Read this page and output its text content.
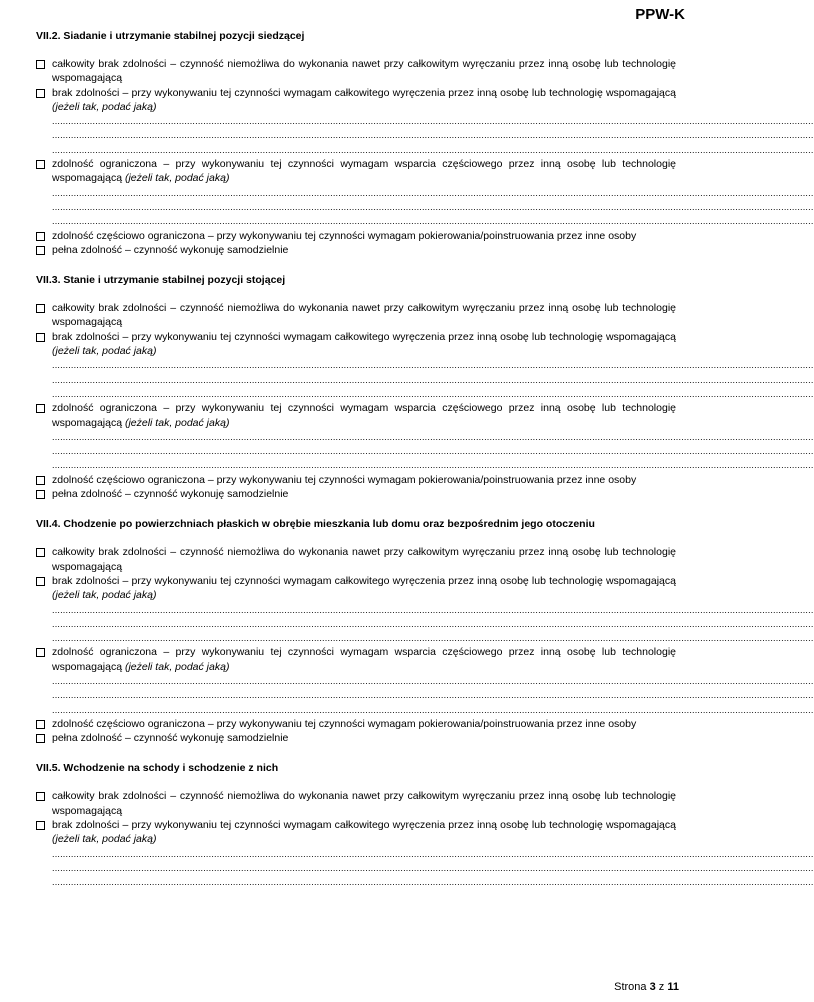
PPW-K
VII.2. Siadanie i utrzymanie stabilnej pozycji siedzącej
całkowity brak zdolności – czynność niemożliwa do wykonania nawet przy całkowitym wyręczaniu przez inną osobę lub technologię wspomagającą
brak zdolności – przy wykonywaniu tej czynności wymagam całkowitego wyręczenia przez inną osobę lub technologię wspomagającą (jeżeli tak, podać jaką)
..........................................................................................................................................................................................................................................................................................
..........................................................................................................................................................................................................................................................................................
..........................................................................................................................................................................................................................................................................................
zdolność ograniczona – przy wykonywaniu tej czynności wymagam wsparcia częściowego przez inną osobę lub technologię wspomagającą (jeżeli tak, podać jaką)
..........................................................................................................................................................................................................................................................................................
..........................................................................................................................................................................................................................................................................................
..........................................................................................................................................................................................................................................................................................
zdolność częściowo ograniczona – przy wykonywaniu tej czynności wymagam pokierowania/poinstruowania przez inne osoby
pełna zdolność – czynność wykonuję samodzielnie
VII.3. Stanie i utrzymanie stabilnej pozycji stojącej
całkowity brak zdolności – czynność niemożliwa do wykonania nawet przy całkowitym wyręczaniu przez inną osobę lub technologię wspomagającą
brak zdolności – przy wykonywaniu tej czynności wymagam całkowitego wyręczenia przez inną osobę lub technologię wspomagającą (jeżeli tak, podać jaką)
..........................................................................................................................................................................................................................................................................................
..........................................................................................................................................................................................................................................................................................
..........................................................................................................................................................................................................................................................................................
zdolność ograniczona – przy wykonywaniu tej czynności wymagam wsparcia częściowego przez inną osobę lub technologię wspomagającą (jeżeli tak, podać jaką)
..........................................................................................................................................................................................................................................................................................
..........................................................................................................................................................................................................................................................................................
..........................................................................................................................................................................................................................................................................................
zdolność częściowo ograniczona – przy wykonywaniu tej czynności wymagam pokierowania/poinstruowania przez inne osoby
pełna zdolność – czynność wykonuję samodzielnie
VII.4. Chodzenie po powierzchniach płaskich w obrębie mieszkania lub domu oraz bezpośrednim jego otoczeniu
całkowity brak zdolności – czynność niemożliwa do wykonania nawet przy całkowitym wyręczaniu przez inną osobę lub technologię wspomagającą
brak zdolności – przy wykonywaniu tej czynności wymagam całkowitego wyręczenia przez inną osobę lub technologię wspomagającą (jeżeli tak, podać jaką)
..........................................................................................................................................................................................................................................................................................
..........................................................................................................................................................................................................................................................................................
..........................................................................................................................................................................................................................................................................................
zdolność ograniczona – przy wykonywaniu tej czynności wymagam wsparcia częściowego przez inną osobę lub technologię wspomagającą (jeżeli tak, podać jaką)
..........................................................................................................................................................................................................................................................................................
..........................................................................................................................................................................................................................................................................................
..........................................................................................................................................................................................................................................................................................
zdolność częściowo ograniczona – przy wykonywaniu tej czynności wymagam pokierowania/poinstruowania przez inne osoby
pełna zdolność – czynność wykonuję samodzielnie
VII.5. Wchodzenie na schody i schodzenie z nich
całkowity brak zdolności – czynność niemożliwa do wykonania nawet przy całkowitym wyręczaniu przez inną osobę lub technologię wspomagającą
brak zdolności – przy wykonywaniu tej czynności wymagam całkowitego wyręczenia przez inną osobę lub technologię wspomagającą (jeżeli tak, podać jaką)
..........................................................................................................................................................................................................................................................................................
..........................................................................................................................................................................................................................................................................................
..........................................................................................................................................................................................................................................................................................
Strona 3 z 11
